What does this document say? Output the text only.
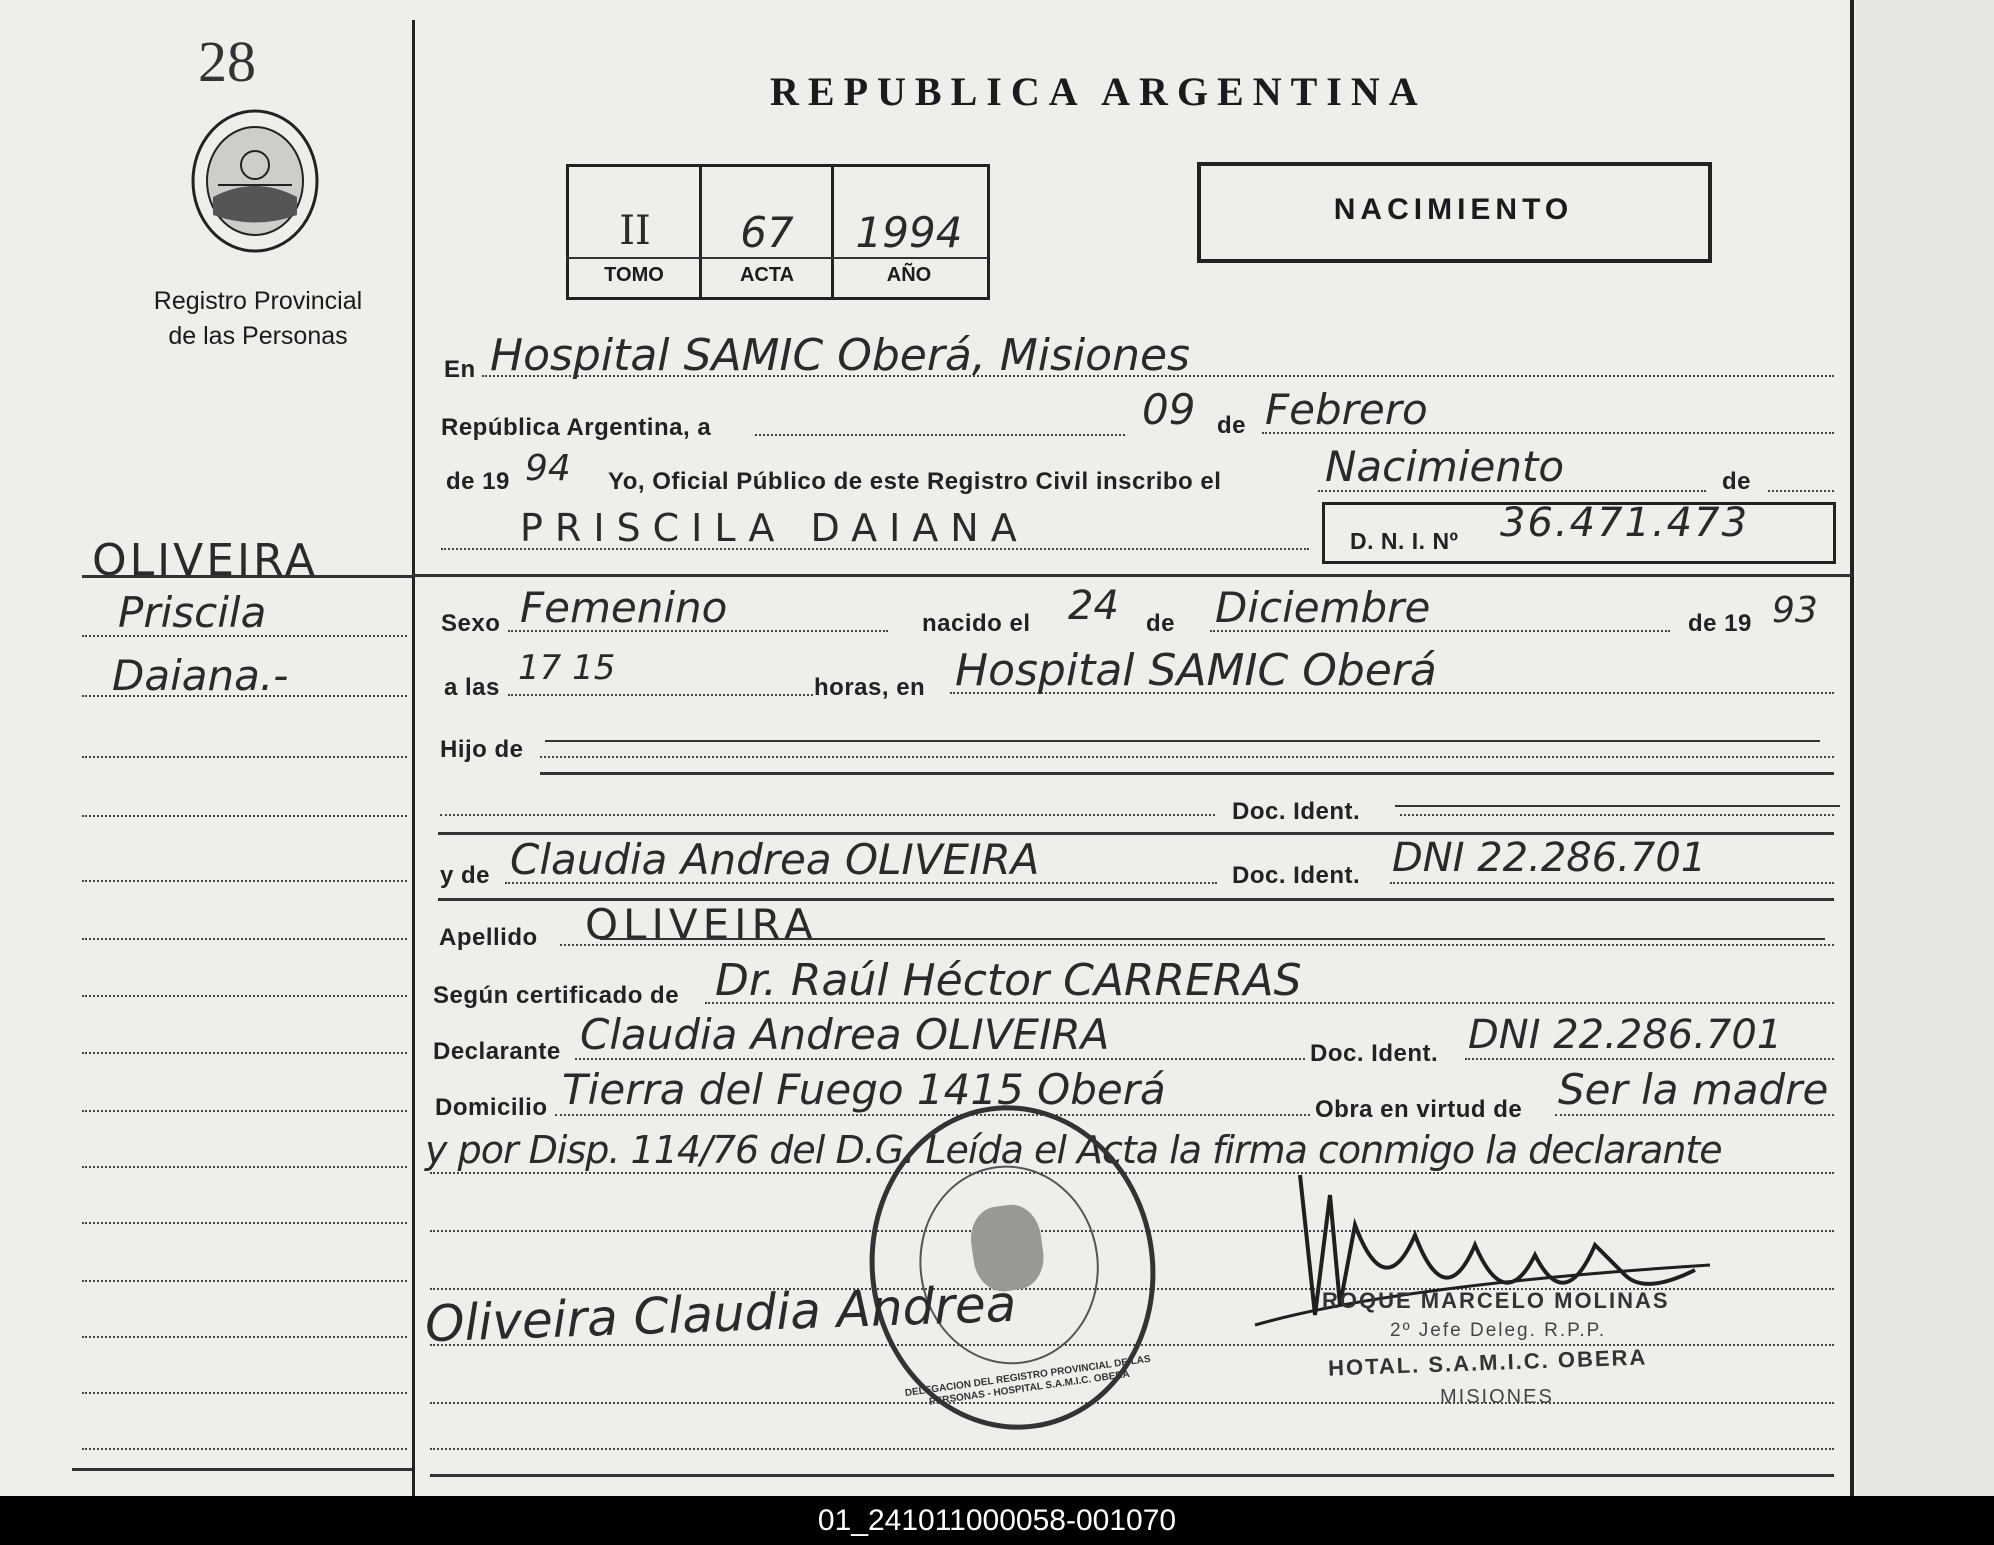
28
Registro Provincial
de las Personas
OLIVEIRA
Priscila
Daiana.-
REPUBLICA ARGENTINA
II	67	1994
TOMO	ACTA	AÑO
NACIMIENTO
En Hospital SAMIC Oberá, Misiones
República Argentina, a	09 de Febrero
de 19 94 Yo, Oficial Público de este Registro Civil inscribo el Nacimiento	de
PRISCILA DAIANA	D. N. I. Nº 36.471.473
Sexo Femenino	nacido el 24 de Diciembre	de 19 93
a las 17 15	horas, en Hospital SAMIC Oberá
Hijo de
Doc. Ident.
y de Claudia Andrea OLIVEIRA	Doc. Ident. DNI 22.286.701
Apellido OLIVEIRA
Según certificado de Dr. Raúl Héctor CARRERAS
Declarante Claudia Andrea OLIVEIRA	Doc. Ident. DNI 22.286.701
Domicilio Tierra del Fuego 1415 Oberá	Obra en virtud de Ser la madre
y por Disp. 114/76 del D.G. Leída el Acta la firma conmigo la declarante
DELEGACION DEL REGISTRO PROVINCIAL DE LAS PERSONAS - HOSPITAL S.A.M.I.C. OBERA
Oliveira Claudia Andrea	ROQUE MARCELO MOLINAS
2º Jefe Deleg. R.P.P.
HOTAL. S.A.M.I.C. OBERA
MISIONES
01_241011000058-001070
